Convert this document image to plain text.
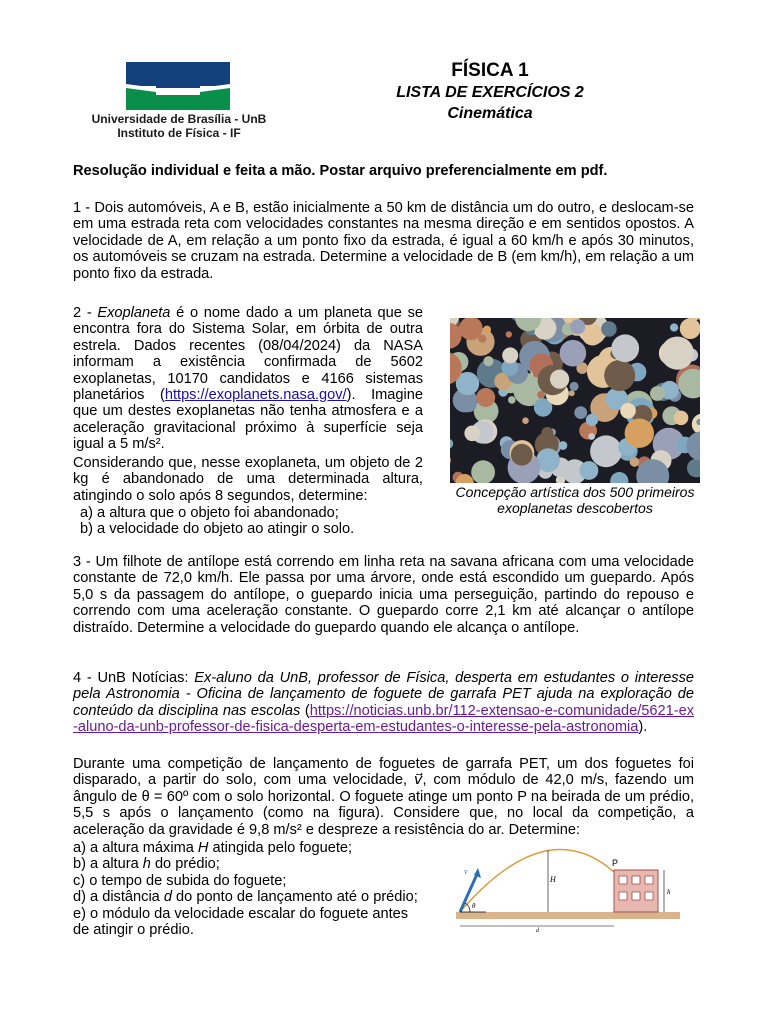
Universidade de Brasília - UnB
Instituto de Física - IF
FÍSICA 1
LISTA DE EXERCÍCIOS 2
Cinemática
Resolução individual e feita a mão. Postar arquivo preferencialmente em pdf.
1 - Dois automóveis, A e B, estão inicialmente a 50 km de distância um do outro, e deslocam-se em uma estrada reta com velocidades constantes na mesma direção e em sentidos opostos. A velocidade de A, em relação a um ponto fixo da estrada, é igual a 60 km/h e após 30 minutos, os automóveis se cruzam na estrada. Determine a velocidade de B (em km/h), em relação a um ponto fixo da estrada.
2 - Exoplaneta é o nome dado a um planeta que se encontra fora do Sistema Solar, em órbita de outra estrela. Dados recentes (08/04/2024) da NASA informam a existência confirmada de 5602 exoplanetas, 10170 candidatos e 4166 sistemas planetários (https://exoplanets.nasa.gov/). Imagine que um destes exoplanetas não tenha atmosfera e a aceleração gravitacional próximo à superfície seja igual a 5 m/s².
Considerando que, nesse exoplaneta, um objeto de 2 kg é abandonado de uma determinada altura, atingindo o solo após 8 segundos, determine:
a) a altura que o objeto foi abandonado;
b) a velocidade do objeto ao atingir o solo.
Concepção artística dos 500 primeiros exoplanetas descobertos
3 - Um filhote de antílope está correndo em linha reta na savana africana com uma velocidade constante de 72,0 km/h. Ele passa por uma árvore, onde está escondido um guepardo. Após 5,0 s da passagem do antílope, o guepardo inicia uma perseguição, partindo do repouso e correndo com uma aceleração constante. O guepardo corre 2,1 km até alcançar o antílope distraído. Determine a velocidade do guepardo quando ele alcança o antílope.
4 - UnB Notícias: Ex-aluno da UnB, professor de Física, desperta em estudantes o interesse pela Astronomia - Oficina de lançamento de foguete de garrafa PET ajuda na exploração de conteúdo da disciplina nas escolas (https://noticias.unb.br/112-extensao-e-comunidade/5621-ex-aluno-da-unb-professor-de-fisica-desperta-em-estudantes-o-interesse-pela-astronomia).
Durante uma competição de lançamento de foguetes de garrafa PET, um dos foguetes foi disparado, a partir do solo, com uma velocidade, v⃗, com módulo de 42,0 m/s, fazendo um ângulo de θ = 60º com o solo horizontal. O foguete atinge um ponto P na beirada de um prédio, 5,5 s após o lançamento (como na figura). Considere que, no local da competição, a aceleração da gravidade é 9,8 m/s² e despreze a resistência do ar. Determine:
a) a altura máxima H atingida pelo foguete;
b) a altura h do prédio;
c) o tempo de subida do foguete;
d) a distância d do ponto de lançamento até o prédio;
e) o módulo da velocidade escalar do foguete antes de atingir o prédio.
θ
v⃗
H
P
h
d
